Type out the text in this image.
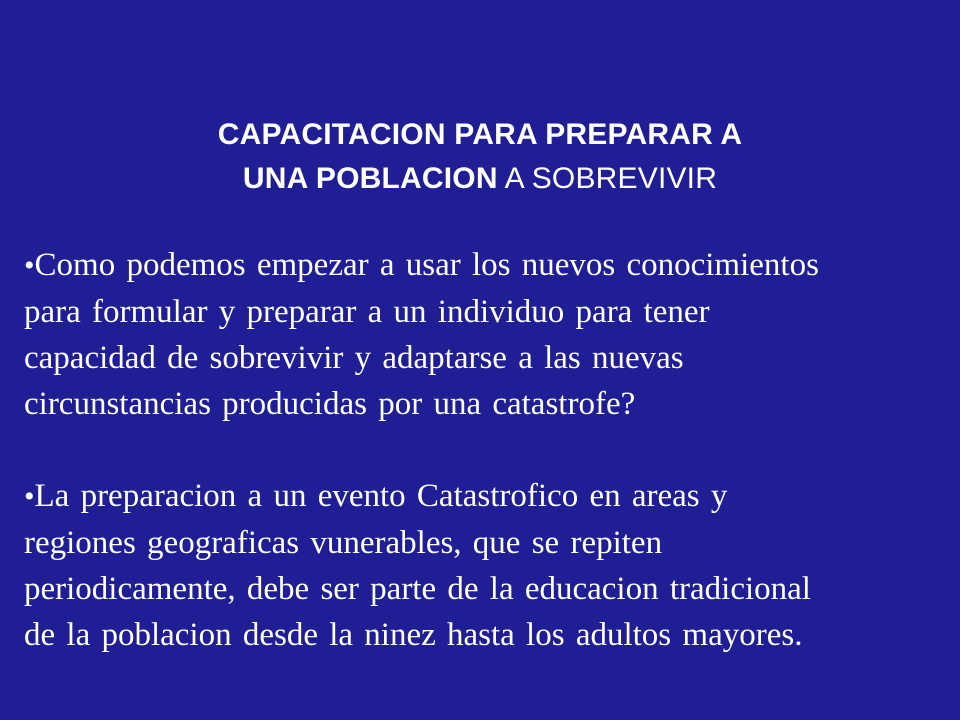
CAPACITACION PARA PREPARAR A
UNA POBLACION A SOBREVIVIR
•Como podemos empezar a usar los nuevos conocimientos
para formular y preparar a un individuo para tener
capacidad de sobrevivir y adaptarse a las nuevas
circunstancias producidas por una catastrofe?
•La preparacion a un evento Catastrofico en areas y
regiones geograficas vunerables, que se repiten
periodicamente, debe ser parte de la educacion tradicional
de la poblacion desde la ninez hasta los adultos mayores.
